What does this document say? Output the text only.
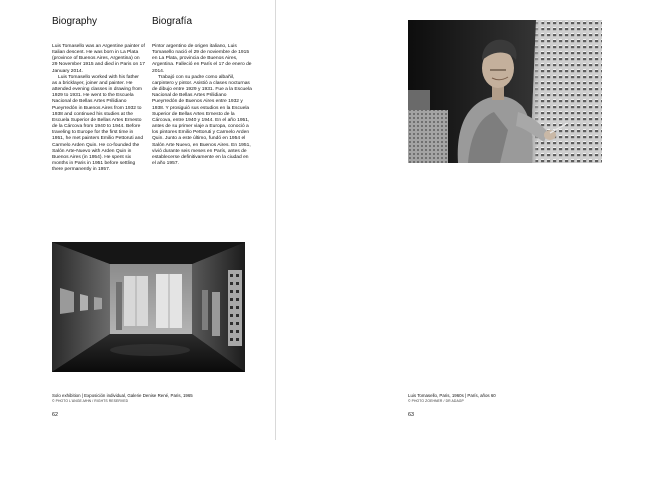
Biography	Biografía

Luis Tomasello was an Argentine painter of Italian descent. He was born in La Plata (province of Buenos Aires, Argentina) on 29 November 1915 and died in Paris on 17 January 2014.

Luis Tomasello worked with his father as a bricklayer, joiner and painter. He attended evening classes in drawing from 1929 to 1931. He went to the Escuela Nacional de Bellas Artes Prilidiano Pueyrredón in Buenos Aires from 1932 to 1938 and continued his studies at the Escuela Superior de Bellas Artes Ernesto de la Cárcova from 1940 to 1944. Before traveling to Europe for the first time in 1951, he met painters Emilio Pettoruti and Carmelo Arden Quin. He co-founded the Salón Arte-Nuevo with Arden Quin in Buenos Aires (in 1954). He spent six months in Paris in 1951 before settling there permanently in 1957.

Pintor argentino de origen italiano, Luis Tomasello nació el 29 de noviembre de 1915 en La Plata, provincia de Buenos Aires, Argentina. Falleció en París el 17 de enero de 2014.

Trabajó con su padre como albañil, carpintero y pintor. Asistió a clases nocturnas de dibujo entre 1929 y 1931. Fue a la Escuela Nacional de Bellas Artes Prilidiano Pueyrredón de Buenos Aires entre 1932 y 1938. Y prosiguió sus estudios en la Escuela Superior de Bellas Artes Ernesto de la Cárcova, entre 1940 y 1944. En el año 1951, antes de su primer viaje a Europa, conoció a los pintores Emilio Pettoruti y Carmelo Arden Quin. Junto a este último, fundó en 1954 el Salón Arte Nuevo, en Buenos Aires. En 1951, vivió durante seis meses en París, antes de establecerse definitivamente en la ciudad en el año 1957.

Solo exhibition | Exposición individual, Galerie Denise René, Paris, 1965
© PHOTO L'ANGE-MHN / RIGHTS RESERVED
62
Luis Tomasello, Paris, 1960s | París, años 60
© PHOTO ZOEHNER / DR ADAGP
63
